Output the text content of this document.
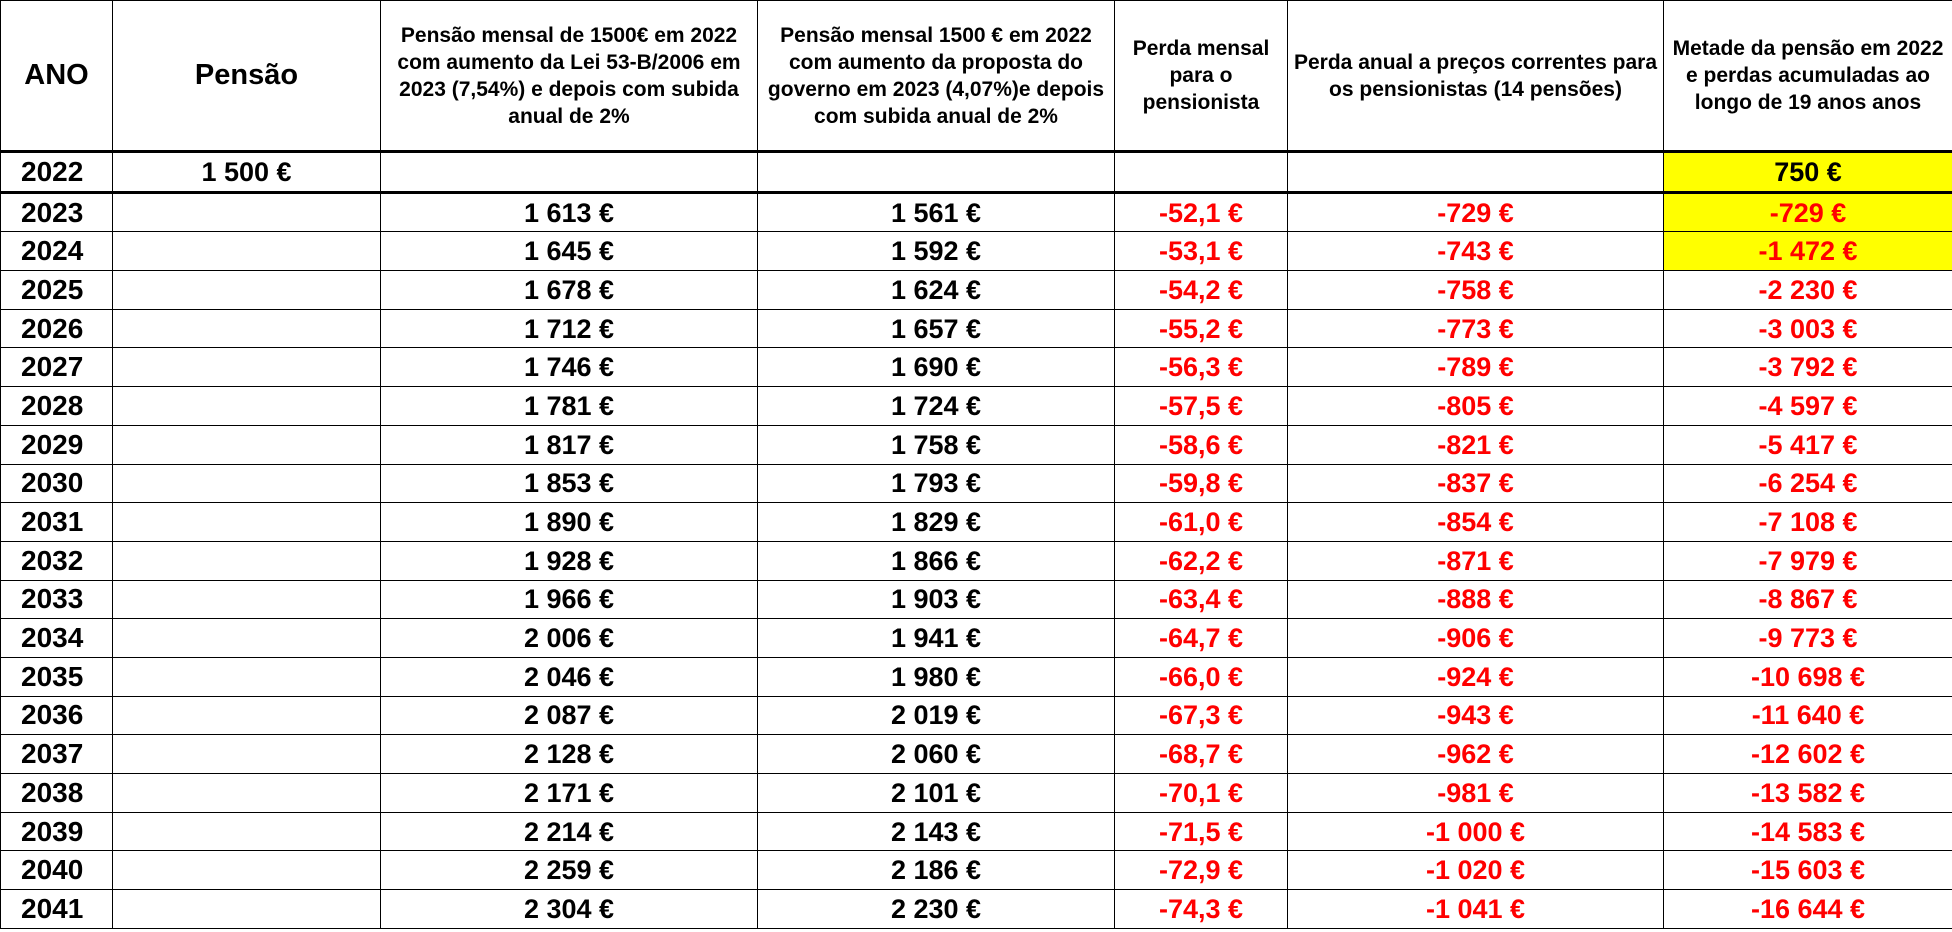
ANO	Pensão	Pensão mensal de 1500€ em 2022 com aumento da Lei 53-B/2006 em 2023 (7,54%) e depois com subida anual de 2%	Pensão mensal 1500 € em 2022 com aumento da proposta do governo em 2023 (4,07%)e depois com subida anual de 2%	Perda mensal para o pensionista	Perda anual a preços correntes para os pensionistas (14 pensões)	Metade da pensão em 2022 e perdas acumuladas ao longo de 19 anos anos
2022	1 500 €					750 €
2023		1 613 €	1 561 €	-52,1 €	-729 €	-729 €
2024		1 645 €	1 592 €	-53,1 €	-743 €	-1 472 €
2025		1 678 €	1 624 €	-54,2 €	-758 €	-2 230 €
2026		1 712 €	1 657 €	-55,2 €	-773 €	-3 003 €
2027		1 746 €	1 690 €	-56,3 €	-789 €	-3 792 €
2028		1 781 €	1 724 €	-57,5 €	-805 €	-4 597 €
2029		1 817 €	1 758 €	-58,6 €	-821 €	-5 417 €
2030		1 853 €	1 793 €	-59,8 €	-837 €	-6 254 €
2031		1 890 €	1 829 €	-61,0 €	-854 €	-7 108 €
2032		1 928 €	1 866 €	-62,2 €	-871 €	-7 979 €
2033		1 966 €	1 903 €	-63,4 €	-888 €	-8 867 €
2034		2 006 €	1 941 €	-64,7 €	-906 €	-9 773 €
2035		2 046 €	1 980 €	-66,0 €	-924 €	-10 698 €
2036		2 087 €	2 019 €	-67,3 €	-943 €	-11 640 €
2037		2 128 €	2 060 €	-68,7 €	-962 €	-12 602 €
2038		2 171 €	2 101 €	-70,1 €	-981 €	-13 582 €
2039		2 214 €	2 143 €	-71,5 €	-1 000 €	-14 583 €
2040		2 259 €	2 186 €	-72,9 €	-1 020 €	-15 603 €
2041		2 304 €	2 230 €	-74,3 €	-1 041 €	-16 644 €
